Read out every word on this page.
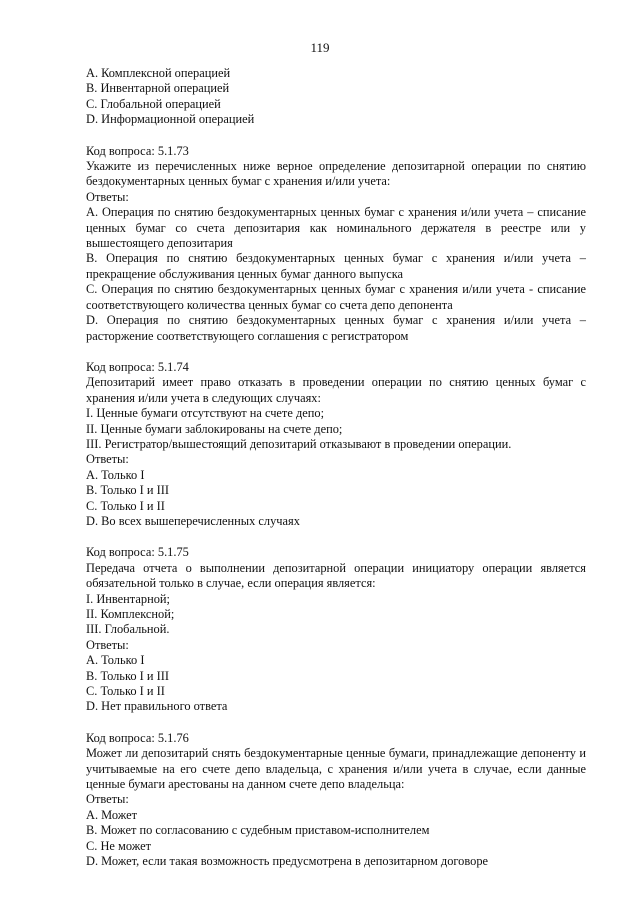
119

A. Комплексной операцией

B. Инвентарной операцией

C. Глобальной операцией

D. Информационной операцией

Код вопроса: 5.1.73

Укажите из перечисленных ниже верное определение депозитарной операции по снятию бездокументарных ценных бумаг с хранения и/или учета:

Ответы:

A. Операция по снятию бездокументарных ценных бумаг с хранения и/или учета – списание ценных бумаг со счета депозитария как номинального держателя в реестре или у вышестоящего депозитария

B. Операция по снятию бездокументарных ценных бумаг с хранения и/или учета – прекращение обслуживания ценных бумаг данного выпуска

C. Операция по снятию бездокументарных ценных бумаг с хранения и/или учета - списание соответствующего количества ценных бумаг со счета депо депонента

D. Операция по снятию бездокументарных ценных бумаг с хранения и/или учета – расторжение соответствующего соглашения с регистратором

Код вопроса: 5.1.74

Депозитарий имеет право отказать в проведении операции по снятию ценных бумаг с хранения и/или учета в следующих случаях:

I. Ценные бумаги отсутствуют на счете депо;

II. Ценные бумаги заблокированы на счете депо;

III. Регистратор/вышестоящий депозитарий отказывают в проведении операции.

Ответы:

A. Только I

B. Только I и III

C. Только I и II

D. Во всех вышеперечисленных случаях

Код вопроса: 5.1.75

Передача отчета о выполнении депозитарной операции инициатору операции является обязательной только в случае, если операция является:

I. Инвентарной;

II. Комплексной;

III. Глобальной.

Ответы:

A. Только I

B. Только I и III

C. Только I и II

D. Нет правильного ответа

Код вопроса: 5.1.76

Может ли депозитарий снять бездокументарные ценные бумаги, принадлежащие депоненту и учитываемые на его счете депо владельца, с хранения и/или учета в случае, если данные ценные бумаги арестованы на данном счете депо владельца:

Ответы:

A. Может

B. Может по согласованию с судебным приставом-исполнителем

C. Не может

D. Может, если такая возможность предусмотрена в депозитарном договоре
